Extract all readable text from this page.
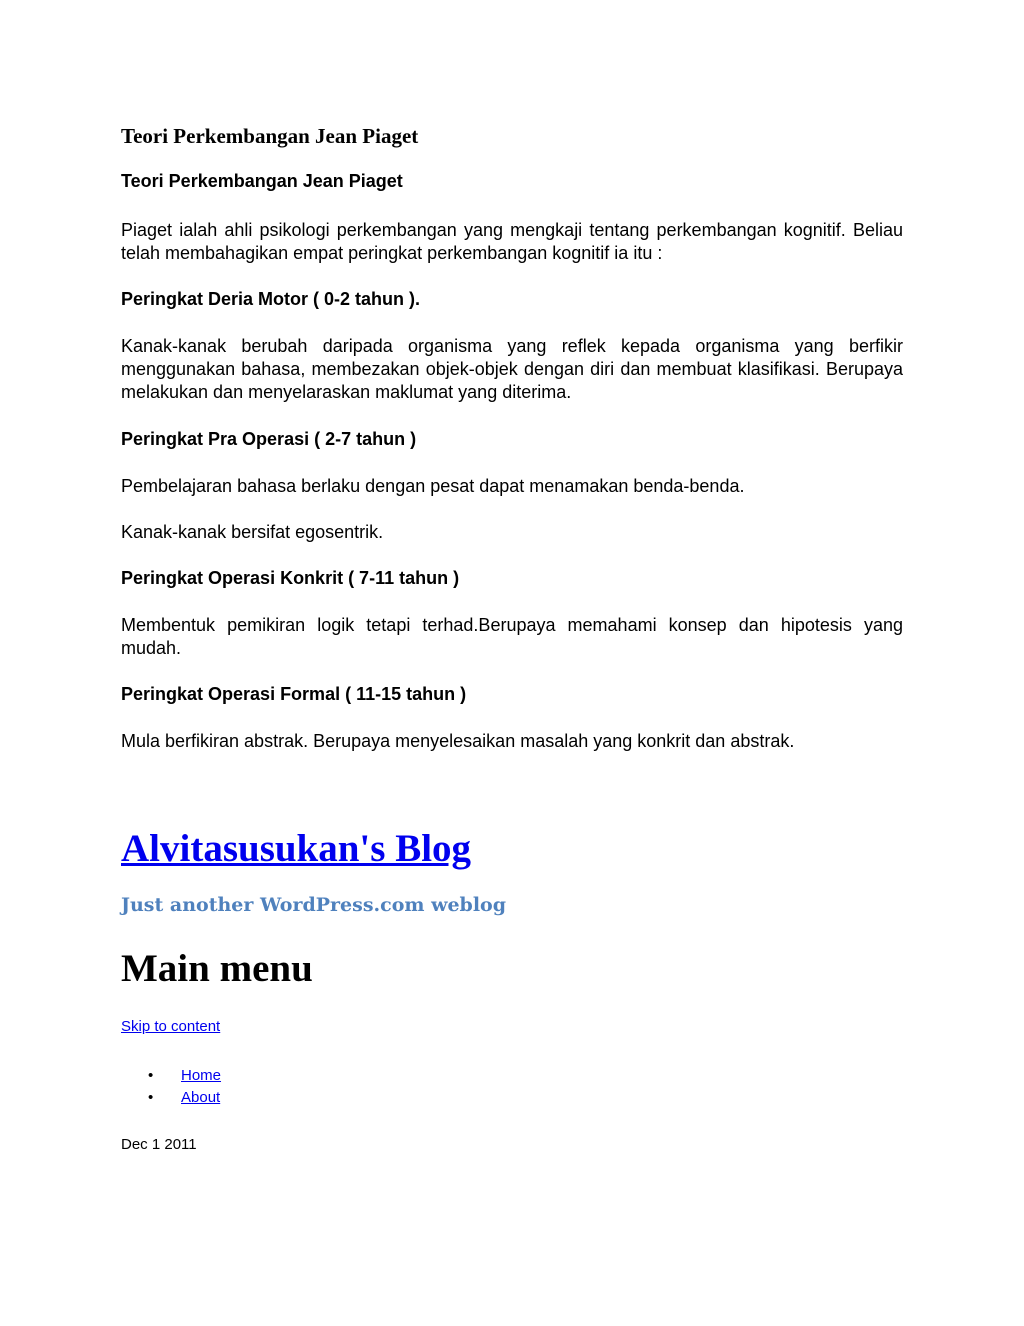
Teori Perkembangan Jean Piaget

Teori Perkembangan Jean Piaget

Piaget ialah ahli psikologi perkembangan yang mengkaji tentang perkembangan kognitif. Beliau telah membahagikan empat peringkat perkembangan kognitif ia itu :

Peringkat Deria Motor ( 0-2 tahun ).

Kanak-kanak berubah daripada organisma yang reflek kepada organisma yang berfikir menggunakan bahasa, membezakan objek-objek dengan diri dan membuat klasifikasi. Berupaya melakukan dan menyelaraskan maklumat yang diterima.

Peringkat Pra Operasi ( 2-7 tahun )

Pembelajaran bahasa berlaku dengan pesat dapat menamakan benda-benda.

Kanak-kanak bersifat egosentrik.

Peringkat Operasi Konkrit ( 7-11 tahun )

Membentuk pemikiran logik tetapi terhad.Berupaya memahami konsep dan hipotesis yang mudah.

Peringkat Operasi Formal ( 11-15 tahun )

Mula berfikiran abstrak. Berupaya menyelesaikan masalah yang konkrit dan abstrak.

Alvitasusukan's Blog

Just another WordPress.com weblog

Main menu
Skip to content
• Home
• About
Dec 1 2011
